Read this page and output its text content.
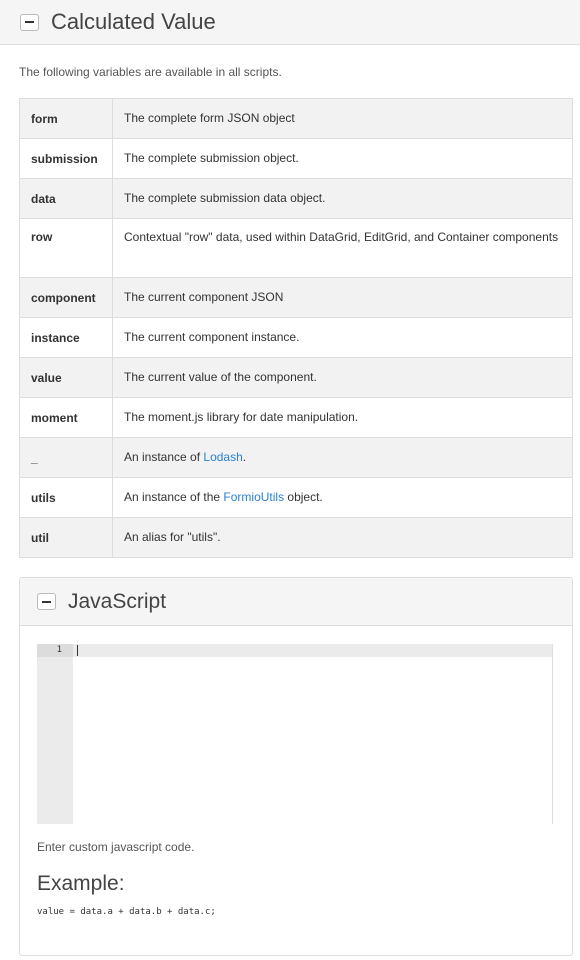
Calculated Value
The following variables are available in all scripts.
form	The complete form JSON object
submission	The complete submission object.
data	The complete submission data object.
row	Contextual "row" data, used within DataGrid, EditGrid, and Container components
component	The current component JSON
instance	The current component instance.
value	The current value of the component.
moment	The moment.js library for date manipulation.
_	An instance of Lodash.
utils	An instance of the FormioUtils object.
util	An alias for "utils".
JavaScript
1
Enter custom javascript code.
Example:
value = data.a + data.b + data.c;
